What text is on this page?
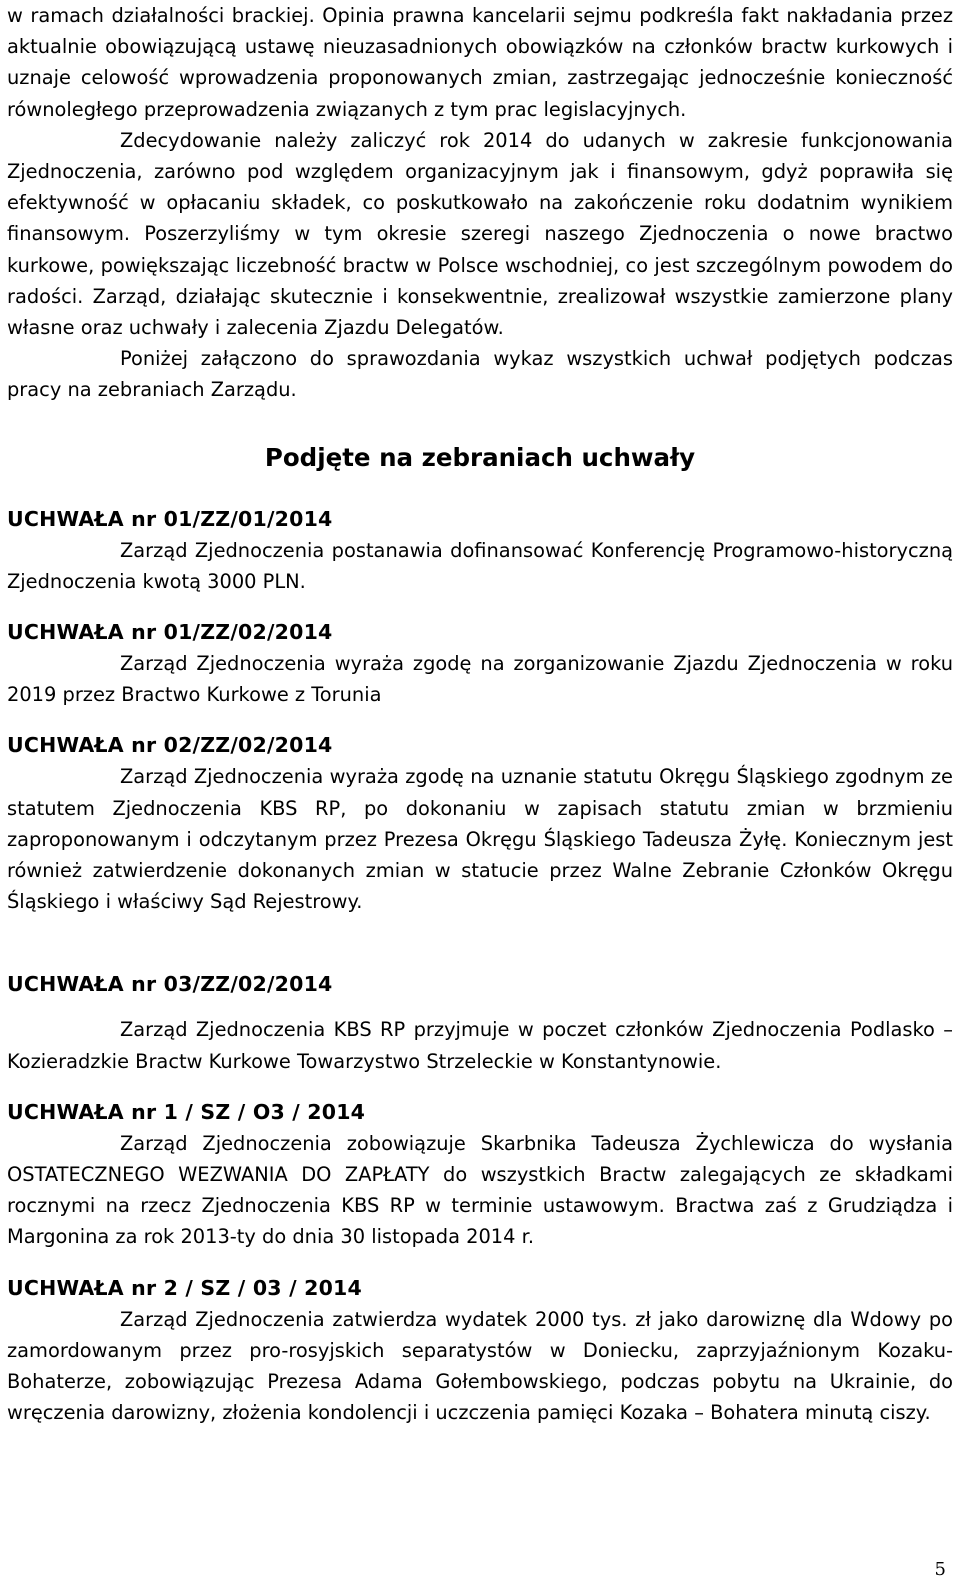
w ramach działalności brackiej. Opinia prawna kancelarii sejmu podkreśla fakt nakładania przez aktualnie obowiązującą ustawę nieuzasadnionych obowiązków na członków bractw kurkowych i uznaje celowość wprowadzenia proponowanych zmian, zastrzegając jednocześnie konieczność równoległego przeprowadzenia związanych z tym prac legislacyjnych.

Zdecydowanie należy zaliczyć rok 2014 do udanych w zakresie funkcjonowania Zjednoczenia, zarówno pod względem organizacyjnym jak i finansowym, gdyż poprawiła się efektywność w opłacaniu składek, co poskutkowało na zakończenie roku dodatnim wynikiem finansowym. Poszerzyliśmy w tym okresie szeregi naszego Zjednoczenia o nowe bractwo kurkowe, powiększając liczebność bractw w Polsce wschodniej, co jest szczególnym powodem do radości. Zarząd, działając skutecznie i konsekwentnie, zrealizował wszystkie zamierzone plany własne oraz uchwały i zalecenia Zjazdu Delegatów.

Poniżej załączono do sprawozdania wykaz wszystkich uchwał podjętych podczas pracy na zebraniach Zarządu.

Podjęte na zebraniach uchwały

UCHWAŁA nr 01/ZZ/01/2014

Zarząd Zjednoczenia postanawia dofinansować Konferencję Programowo-historyczną Zjednoczenia kwotą 3000 PLN.

UCHWAŁA nr 01/ZZ/02/2014

Zarząd Zjednoczenia wyraża zgodę na zorganizowanie Zjazdu Zjednoczenia w roku 2019 przez Bractwo Kurkowe z Torunia

UCHWAŁA nr 02/ZZ/02/2014

Zarząd Zjednoczenia wyraża zgodę na uznanie statutu Okręgu Śląskiego zgodnym ze statutem Zjednoczenia KBS RP, po dokonaniu w zapisach statutu zmian w brzmieniu zaproponowanym i odczytanym przez Prezesa Okręgu Śląskiego Tadeusza Żyłę. Koniecznym jest również zatwierdzenie dokonanych zmian w statucie przez Walne Zebranie Członków Okręgu Śląskiego i właściwy Sąd Rejestrowy.

UCHWAŁA nr 03/ZZ/02/2014

Zarząd Zjednoczenia KBS RP przyjmuje w poczet członków Zjednoczenia Podlasko – Kozieradzkie Bractw Kurkowe Towarzystwo Strzeleckie w Konstantynowie.

UCHWAŁA nr 1 / SZ / O3 / 2014

Zarząd Zjednoczenia zobowiązuje Skarbnika Tadeusza Żychlewicza do wysłania OSTATECZNEGO WEZWANIA DO ZAPŁATY do wszystkich Bractw zalegających ze składkami rocznymi na rzecz Zjednoczenia KBS RP w terminie ustawowym. Bractwa zaś z Grudziądza i Margonina za rok 2013-ty do dnia 30 listopada 2014 r.

UCHWAŁA nr 2 / SZ / 03 / 2014

Zarząd Zjednoczenia zatwierdza wydatek 2000 tys. zł jako darowiznę dla Wdowy po zamordowanym przez pro-rosyjskich separatystów w Doniecku, zaprzyjaźnionym Kozaku-Bohaterze, zobowiązując Prezesa Adama Gołembowskiego, podczas pobytu na Ukrainie, do wręczenia darowizny, złożenia kondolencji i uczczenia pamięci Kozaka – Bohatera minutą ciszy.

5
